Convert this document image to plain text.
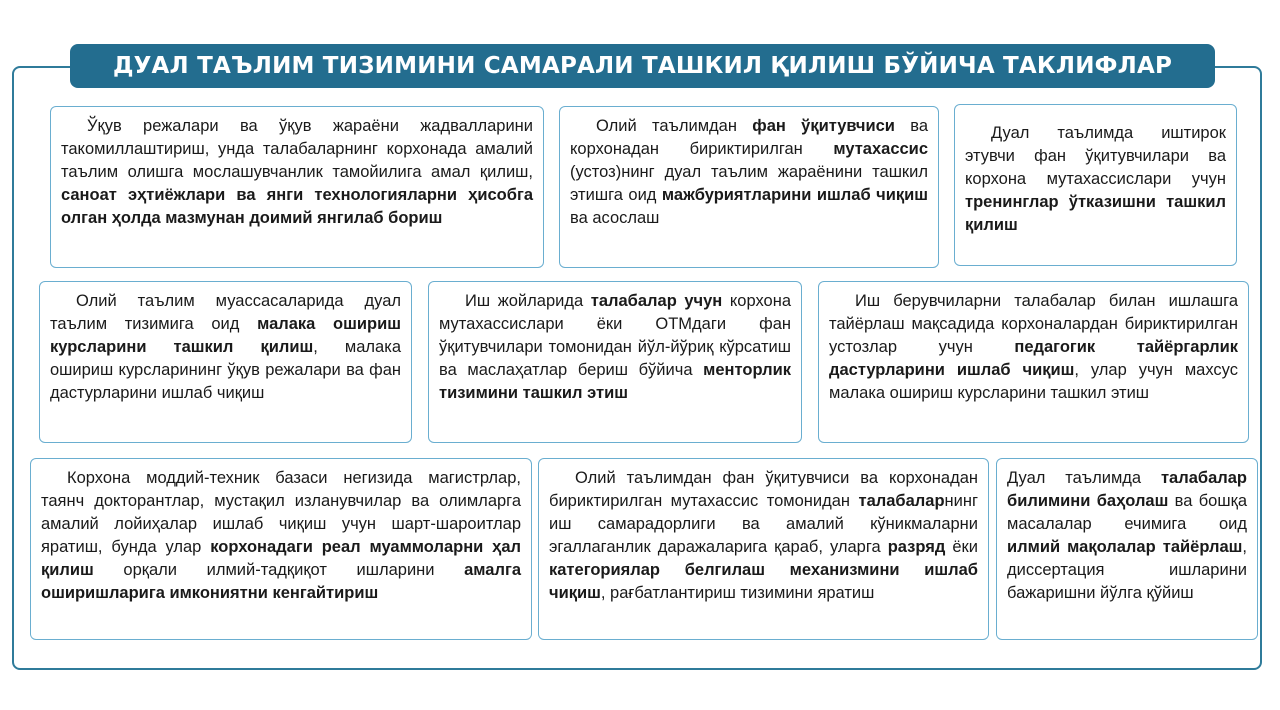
ДУАЛ ТАЪЛИМ ТИЗИМИНИ САМАРАЛИ ТАШКИЛ ҚИЛИШ БЎЙИЧА ТАКЛИФЛАР

Ўқув режалари ва ўқув жараёни жадвалларини такомиллаштириш, унда талабаларнинг корхонада амалий таълим олишга мослашувчанлик тамойилига амал қилиш, саноат эҳтиёжлари ва янги технологияларни ҳисобга олган ҳолда мазмунан доимий янгилаб бориш

Олий таълимдан фан ўқитувчиси ва корхонадан бириктирилган мутахассис (устоз)нинг дуал таълим жараёнини ташкил этишга оид мажбуриятларини ишлаб чиқиш ва асослаш

Дуал таълимда иштирок этувчи фан ўқитувчилари ва корхона мутахассислари учун тренинглар ўтказишни ташкил қилиш

Олий таълим муассасаларида дуал таълим тизимига оид малака ошириш курсларини ташкил қилиш, малака ошириш курсларининг ўқув режалари ва фан дастурларини ишлаб чиқиш

Иш жойларида талабалар учун корхона мутахассислари ёки ОТМдаги фан ўқитувчилари томонидан йўл-йўриқ кўрсатиш ва маслаҳатлар бериш бўйича менторлик тизимини ташкил этиш

Иш берувчиларни талабалар билан ишлашга тайёрлаш мақсадида корхоналардан бириктирилган устозлар учун педагогик тайёргарлик дастурларини ишлаб чиқиш, улар учун махсус малака ошириш курсларини ташкил этиш

Корхона моддий-техник базаси негизида магистрлар, таянч докторантлар, мустақил изланувчилар ва олимларга амалий лойиҳалар ишлаб чиқиш учун шарт-шароитлар яратиш, бунда улар корхонадаги реал муаммоларни ҳал қилиш орқали илмий-тадқиқот ишларини амалга оширишларига имкониятни кенгайтириш

Олий таълимдан фан ўқитувчиси ва корхонадан бириктирилган мутахассис томонидан талабаларнинг иш самарадорлиги ва амалий кўникмаларни эгаллаганлик даражаларига қараб, уларга разряд ёки категориялар белгилаш механизмини ишлаб чиқиш, рағбатлантириш тизимини яратиш

Дуал таълимда талабалар билимини баҳолаш ва бошқа масалалар ечимига оид илмий мақолалар тайёрлаш, диссертация ишларини бажаришни йўлга қўйиш
